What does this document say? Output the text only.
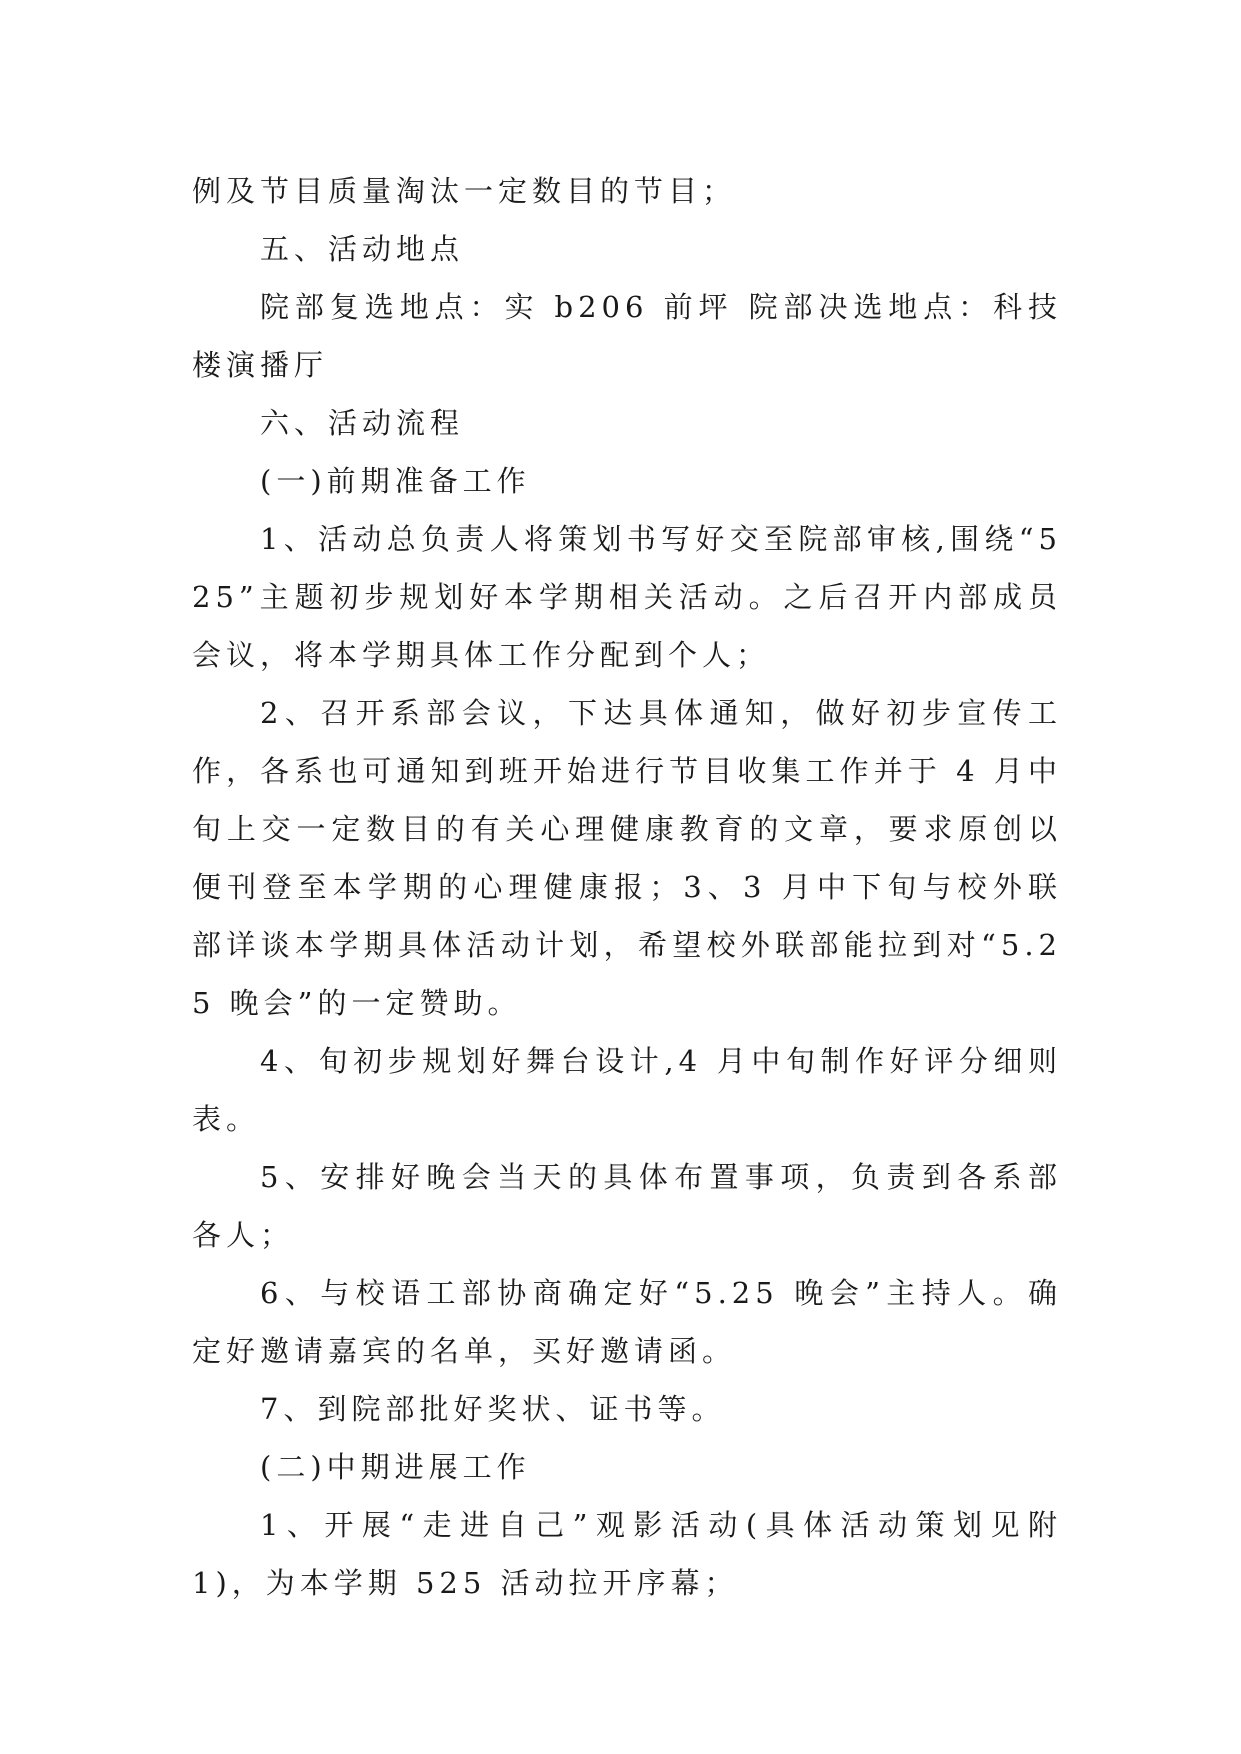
例及节目质量淘汰一定数目的节目；

五、活动地点

院部复选地点：实 b206 前坪 院部决选地点：科技楼演播厅

六、活动流程

(一)前期准备工作

1、活动总负责人将策划书写好交至院部审核,围绕“525”主题初步规划好本学期相关活动。之后召开内部成员会议，将本学期具体工作分配到个人；

2、召开系部会议，下达具体通知，做好初步宣传工作，各系也可通知到班开始进行节目收集工作并于 4 月中旬上交一定数目的有关心理健康教育的文章，要求原创以便刊登至本学期的心理健康报；3、3 月中下旬与校外联部详谈本学期具体活动计划，希望校外联部能拉到对“5.25 晚会”的一定赞助。

4、旬初步规划好舞台设计,4 月中旬制作好评分细则表。

5、安排好晚会当天的具体布置事项，负责到各系部各人；

6、与校语工部协商确定好“5.25 晚会”主持人。确定好邀请嘉宾的名单，买好邀请函。

7、到院部批好奖状、证书等。

(二)中期进展工作

1、开展“走进自己”观影活动(具体活动策划见附 1)，为本学期 525 活动拉开序幕；
